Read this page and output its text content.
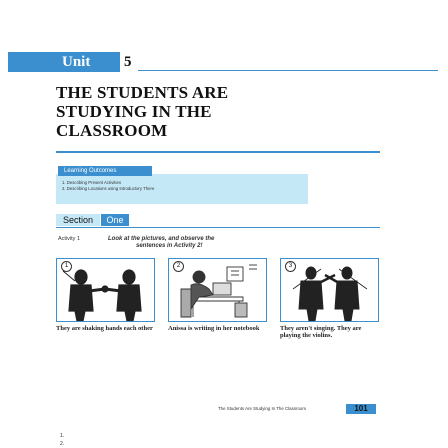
Unit 5
THE STUDENTS ARE
STUDYING IN THE
CLASSROOM
Learning Outcomes
1. Describing Present Activities
2. Describing Locations using Introductory There
Section	One
Activity 1	Look at the pictures, and observe the
sentences in Activity 2!
1	2	3
They are shaking hands each other	Anissa is writing in her notebook	They aren't singing. They are playing the violins.
The Students Are Studying In The Classroom	101
1.
2.
